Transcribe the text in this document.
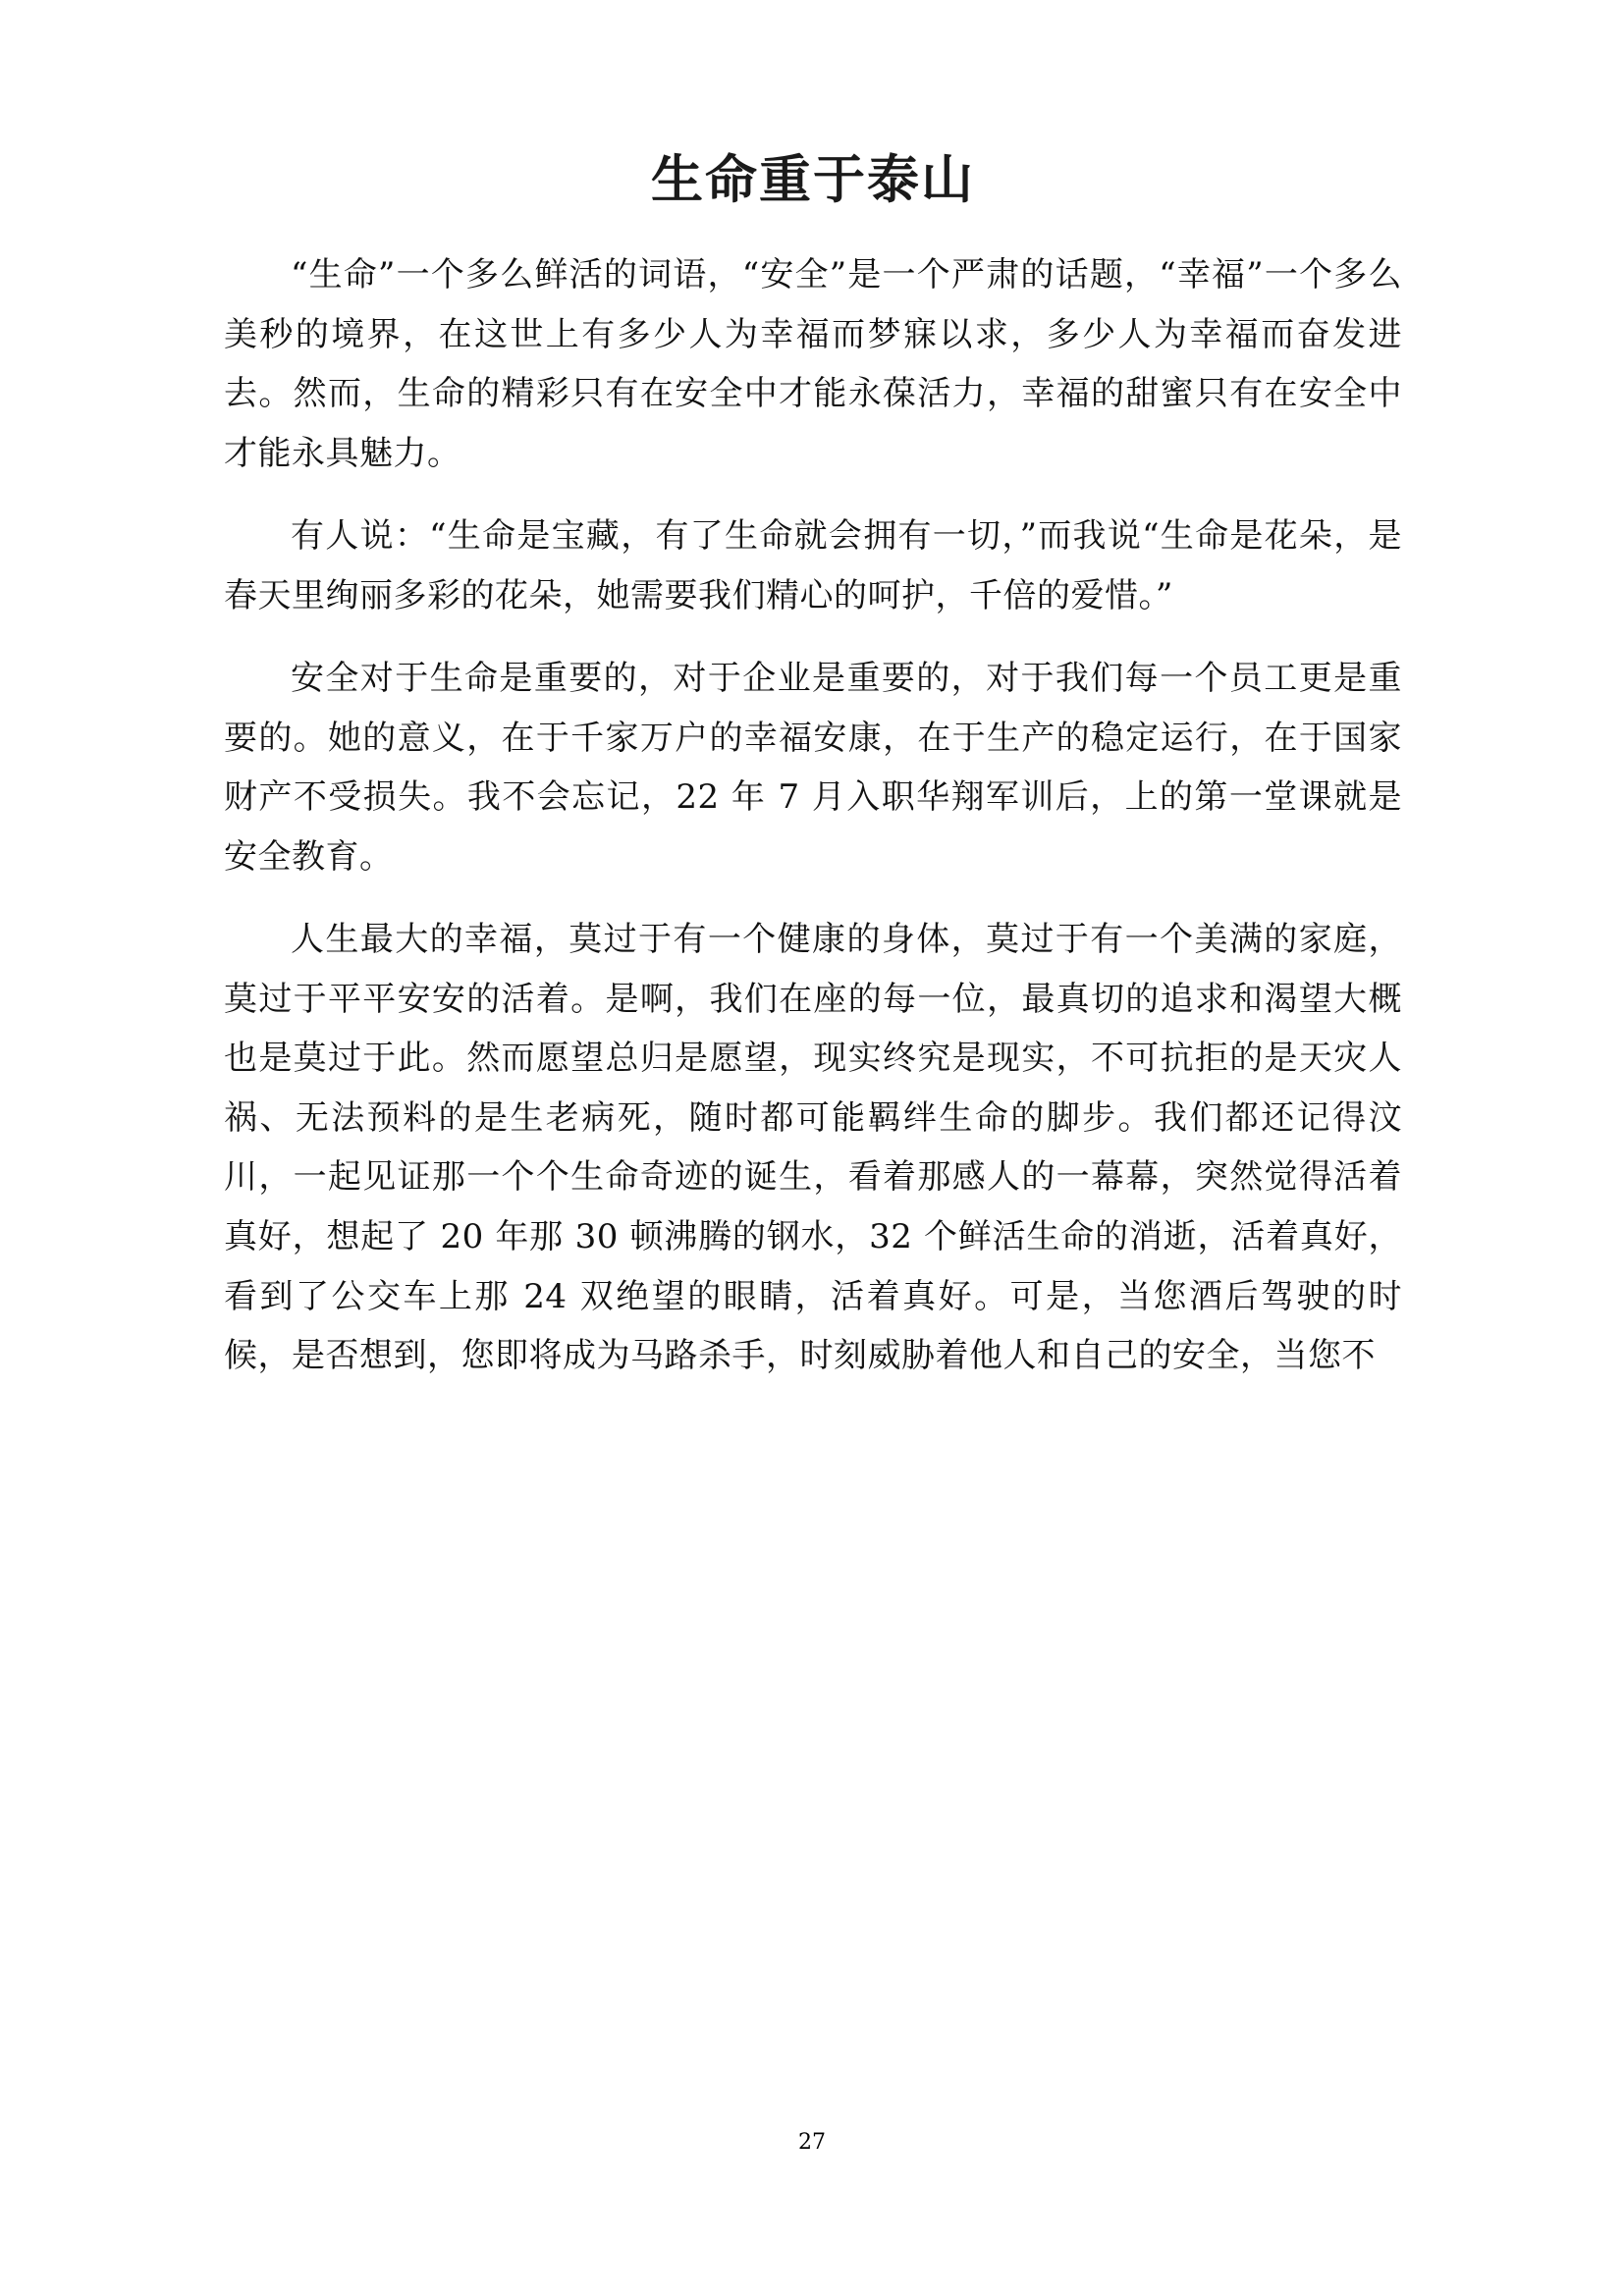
生命重于泰山

“生命”一个多么鲜活的词语，“安全”是一个严肃的话题，“幸福”一个多么美秒的境界，在这世上有多少人为幸福而梦寐以求，多少人为幸福而奋发进去。然而，生命的精彩只有在安全中才能永葆活力，幸福的甜蜜只有在安全中才能永具魅力。

有人说：“生命是宝藏，有了生命就会拥有一切，”而我说“生命是花朵，是春天里绚丽多彩的花朵，她需要我们精心的呵护，千倍的爱惜。”

安全对于生命是重要的，对于企业是重要的，对于我们每一个员工更是重要的。她的意义，在于千家万户的幸福安康，在于生产的稳定运行，在于国家财产不受损失。我不会忘记，22 年 7 月入职华翔军训后，上的第一堂课就是安全教育。

人生最大的幸福，莫过于有一个健康的身体，莫过于有一个美满的家庭，莫过于平平安安的活着。是啊，我们在座的每一位，最真切的追求和渴望大概也是莫过于此。然而愿望总归是愿望，现实终究是现实，不可抗拒的是天灾人祸、无法预料的是生老病死，随时都可能羁绊生命的脚步。我们都还记得汶川，一起见证那一个个生命奇迹的诞生，看着那感人的一幕幕，突然觉得活着真好，想起了 20 年那 30 顿沸腾的钢水，32 个鲜活生命的消逝，活着真好，看到了公交车上那 24 双绝望的眼睛，活着真好。可是，当您酒后驾驶的时候，是否想到，您即将成为马路杀手，时刻威胁着他人和自己的安全，当您不

27
